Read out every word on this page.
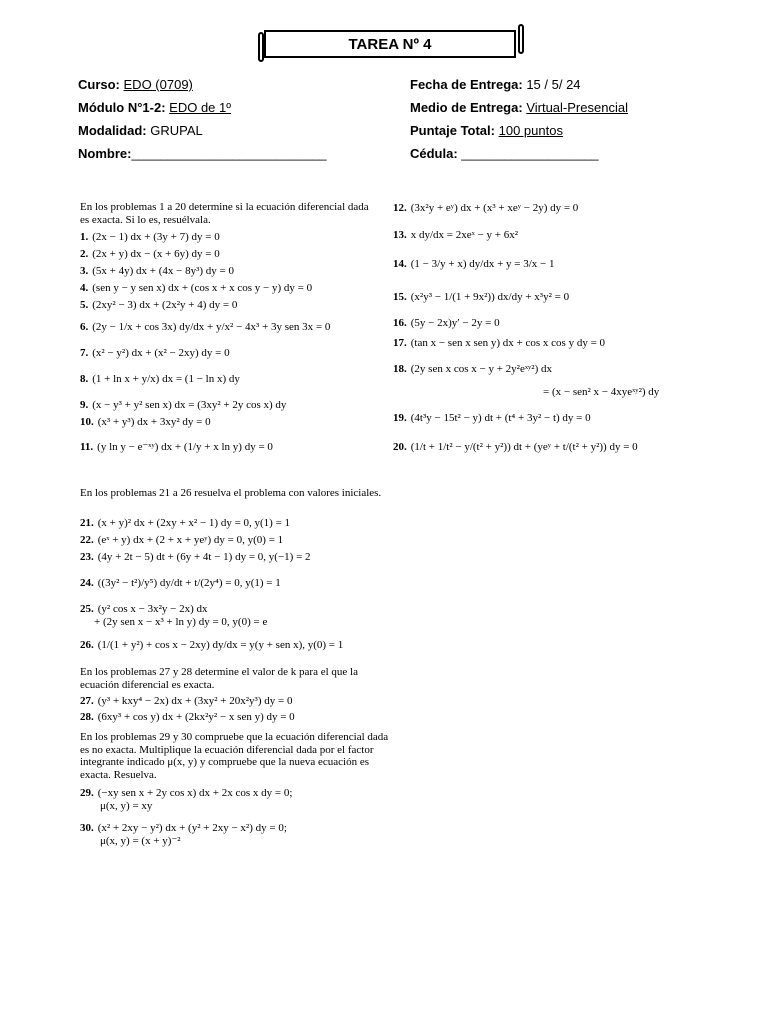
TAREA Nº 4
Curso: EDO (0709)	Fecha de Entrega: 15 / 5/ 24
Módulo N°1-2: EDO de 1º	Medio de Entrega: Virtual-Presencial
Modalidad: GRUPAL	Puntaje Total: 100 puntos
Nombre:___________________________	Cédula: ___________________
En los problemas 1 a 20 determine si la ecuación diferencial dada es exacta. Si lo es, resuélvala.
1. (2x − 1) dx + (3y + 7) dy = 0
2. (2x + y) dx − (x + 6y) dy = 0
3. (5x + 4y) dx + (4x − 8y³) dy = 0
4. (sen y − y sen x) dx + (cos x + x cos y − y) dy = 0
5. (2xy² − 3) dx + (2x²y + 4) dy = 0
6. (2y − 1/x + cos 3x) dy/dx + y/x² − 4x³ + 3y sen 3x = 0
7. (x² − y²) dx + (x² − 2xy) dy = 0
8. (1 + ln x + y/x) dx = (1 − ln x) dy
9. (x − y³ + y² sen x) dx = (3xy² + 2y cos x) dy
10. (x³ + y³) dx + 3xy² dy = 0
11. (y ln y − e⁻ˣʸ) dx + (1/y + x ln y) dy = 0
12. (3x²y + eʸ) dx + (x³ + xeʸ − 2y) dy = 0
13. x dy/dx = 2xeˣ − y + 6x²
14. (1 − 3/y + x) dy/dx + y = 3/x − 1
15. (x²y³ − 1/(1 + 9x²)) dx/dy + x³y² = 0
16. (5y − 2x)y′ − 2y = 0
17. (tan x − sen x sen y) dx + cos x cos y dy = 0
18. (2y sen x cos x − y + 2y²eˣʸ²) dx
= (x − sen² x − 4xyeˣʸ²) dy
19. (4t³y − 15t² − y) dt + (t⁴ + 3y² − t) dy = 0
20. (1/t + 1/t² − y/(t² + y²)) dt + (yeʸ + t/(t² + y²)) dy = 0
En los problemas 21 a 26 resuelva el problema con valores iniciales.
21. (x + y)² dx + (2xy + x² − 1) dy = 0, y(1) = 1
22. (eˣ + y) dx + (2 + x + yeʸ) dy = 0, y(0) = 1
23. (4y + 2t − 5) dt + (6y + 4t − 1) dy = 0, y(−1) = 2
24. ((3y² − t²)/y⁵) dy/dt + t/(2y⁴) = 0, y(1) = 1
25. (y² cos x − 3x²y − 2x) dx
+ (2y sen x − x³ + ln y) dy = 0, y(0) = e
26. (1/(1 + y²) + cos x − 2xy) dy/dx = y(y + sen x), y(0) = 1
En los problemas 27 y 28 determine el valor de k para el que la ecuación diferencial es exacta.
27. (y³ + kxy⁴ − 2x) dx + (3xy² + 20x²y³) dy = 0
28. (6xy³ + cos y) dx + (2kx²y² − x sen y) dy = 0
En los problemas 29 y 30 compruebe que la ecuación diferencial dada es no exacta. Multiplique la ecuación diferencial dada por el factor integrante indicado μ(x, y) y compruebe que la nueva ecuación es exacta. Resuelva.
29. (−xy sen x + 2y cos x) dx + 2x cos x dy = 0;
μ(x, y) = xy
30. (x² + 2xy − y²) dx + (y² + 2xy − x²) dy = 0;
μ(x, y) = (x + y)⁻²
